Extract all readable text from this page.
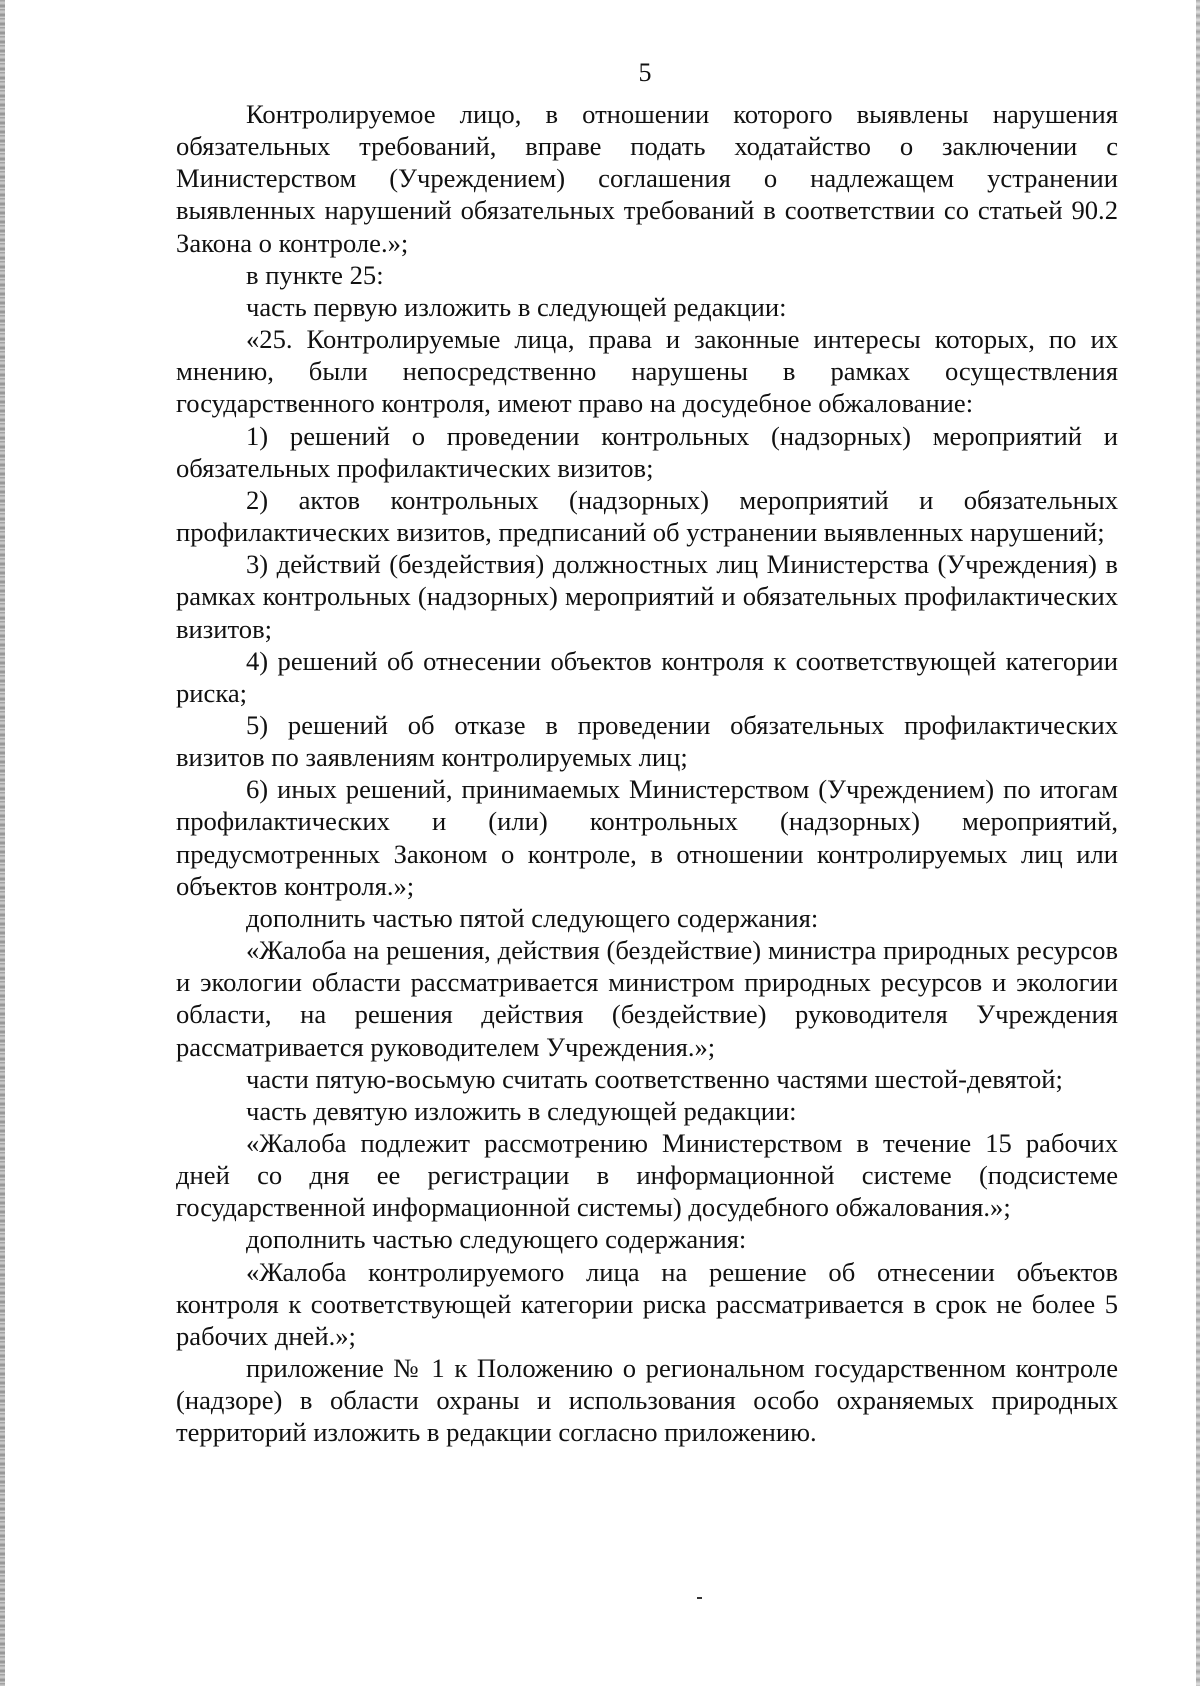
5

Контролируемое лицо, в отношении которого выявлены нарушения обязательных требований, вправе подать ходатайство о заключении с Министерством (Учреждением) соглашения о надлежащем устранении выявленных нарушений обязательных требований в соответствии со статьей 90.2 Закона о контроле.»;

в пункте 25:

часть первую изложить в следующей редакции:

«25. Контролируемые лица, права и законные интересы которых, по их мнению, были непосредственно нарушены в рамках осуществления государственного контроля, имеют право на досудебное обжалование:

1) решений о проведении контрольных (надзорных) мероприятий и обязательных профилактических визитов;

2) актов контрольных (надзорных) мероприятий и обязательных профилактических визитов, предписаний об устранении выявленных нарушений;

3) действий (бездействия) должностных лиц Министерства (Учреждения) в рамках контрольных (надзорных) мероприятий и обязательных профилактических визитов;

4) решений об отнесении объектов контроля к соответствующей категории риска;

5) решений об отказе в проведении обязательных профилактических визитов по заявлениям контролируемых лиц;

6) иных решений, принимаемых Министерством (Учреждением) по итогам профилактических и (или) контрольных (надзорных) мероприятий, предусмотренных Законом о контроле, в отношении контролируемых лиц или объектов контроля.»;

дополнить частью пятой следующего содержания:

«Жалоба на решения, действия (бездействие) министра природных ресурсов и экологии области рассматривается министром природных ресурсов и экологии области, на решения действия (бездействие) руководителя Учреждения рассматривается руководителем Учреждения.»;

части пятую-восьмую считать соответственно частями шестой-девятой;

часть девятую изложить в следующей редакции:

«Жалоба подлежит рассмотрению Министерством в течение 15 рабочих дней со дня ее регистрации в информационной системе (подсистеме государственной информационной системы) досудебного обжалования.»;

дополнить частью следующего содержания:

«Жалоба контролируемого лица на решение об отнесении объектов контроля к соответствующей категории риска рассматривается в срок не более 5 рабочих дней.»;

приложение № 1 к Положению о региональном государственном контроле (надзоре) в области охраны и использования особо охраняемых природных территорий изложить в редакции согласно приложению.
